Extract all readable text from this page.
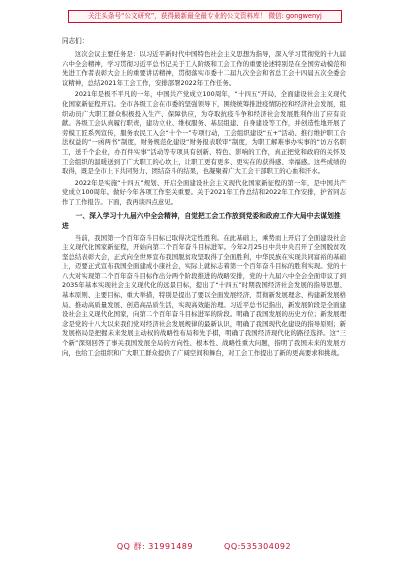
关注头条号“公文研究”，获得最新最全最专业的公文资料库！ 微信: gongwenyj
同志们：

这次会议主要任务是：以习近平新时代中国特色社会主义思想为指导，深入学习贯彻党的十九届六中全会精神，学习贯彻习近平总书记关于工人阶级和工会工作的重要论述特别是在全国劳动模范和先进工作者表彰大会上的重要讲话精神，贯彻落实市委十二届九次全会和省总工会十四届五次全委会议精神，总结2021年工会工作，安排部署2022年工作任务。

2021年是极不平凡的一年，中国共产党成立100周年，“十四五”开局，全面建设社会主义现代化国家新征程开启。全市各级工会在市委的坚强领导下，围绕统筹推进疫情防控和经济社会发展，组织动员广大职工群众积极投入生产、保障供应，为夺取抗疫斗争和经济社会发展胜利作出了应有贡献。各级工会认真履行职责，建功立业、维权服务、基层组建、自身建设等工作，并创造性地开展了劳模工匠系列宣传，服务农民工入会“十个一”专项行动，工会组织建设“五+”活动、推行维护职工合法权益的“一函两书”制度，财务规范化建设“财务报表联审”制度，为职工解难事办实事的“访万名职工，送千个企业，办百件实事”活动等专项具有创新、特色、影响的工作，真正把党和政府的关怀及工会组织的温暖送到了广大职工的心坎上，让职工更有更多、更实在的获得感、幸福感。这些成绩的取得，既是全市上下共同努力、团结奋斗的结果，也凝聚着广大工会干部职工的心血和汗水。

2022年是实施“十四五”规划、开启全面建设社会主义现代化国家新征程的第一年，是中国共产党成立100周年。做好今年各项工作至关重要。关于2021年工作总结和2022年工作安排，护省同志作了工作报告。下面，我再谈四点意见。

一、深入学习十九届六中全会精神，自觉把工会工作放到党委和政府工作大局中去谋划推进

当前，我国第一个百年奋斗目标已取得决定性胜利。在此基础上，乘势而上开启了全面建设社会主义现代化国家新征程，开始向第二个百年奋斗目标进军。今年2月25日中共中央召开了全国脱贫攻坚总结表彰大会，正式向全世界宣布我国脱贫攻坚取得了全面胜利，中华民族在实现共同富裕的基础上，迈要正式宣布我国全面建成小康社会，实际上就标志着第一个百年奋斗目标的胜利实现。党的十八大对实现第二个百年奋斗目标作出分两个阶段推进的战略安排，党的十九届六中全会全面审议了到2035年基本实现社会主义现代化的远景目标，提出了“十四五”时期我国经济社会发展的指导思想、基本原则、主要目标、重大举措，特别是提出了要以全面发展经济、贯彻新发展理念、构建新发展格局、推动高质量发展、创造高品质生活，实现高效能治理。习近平总书记指出，新发展阶段是全面建设社会主义现代化国家，向第二个百年奋斗目标进军的阶段。明确了我国发展的历史方位；新发展理念是党的十八大以来我们党对经济社会发展规律的最新认识，明确了我国现代化建设的指导原则；新发展格局是把握未来发展主动权的战略性布局和先手棋，明确了我国经济现代化的路径选择。这“三个新”深刻回答了事关我国发展全局的方向性、根本性、战略性重大问题，指明了我国未来的发展方向，也给工会组织和广大职工群众提供了广阔空间和舞台，对工会工作提出了新的更高要求和挑战。

QQ 群: 31991489	QQ:535304092
